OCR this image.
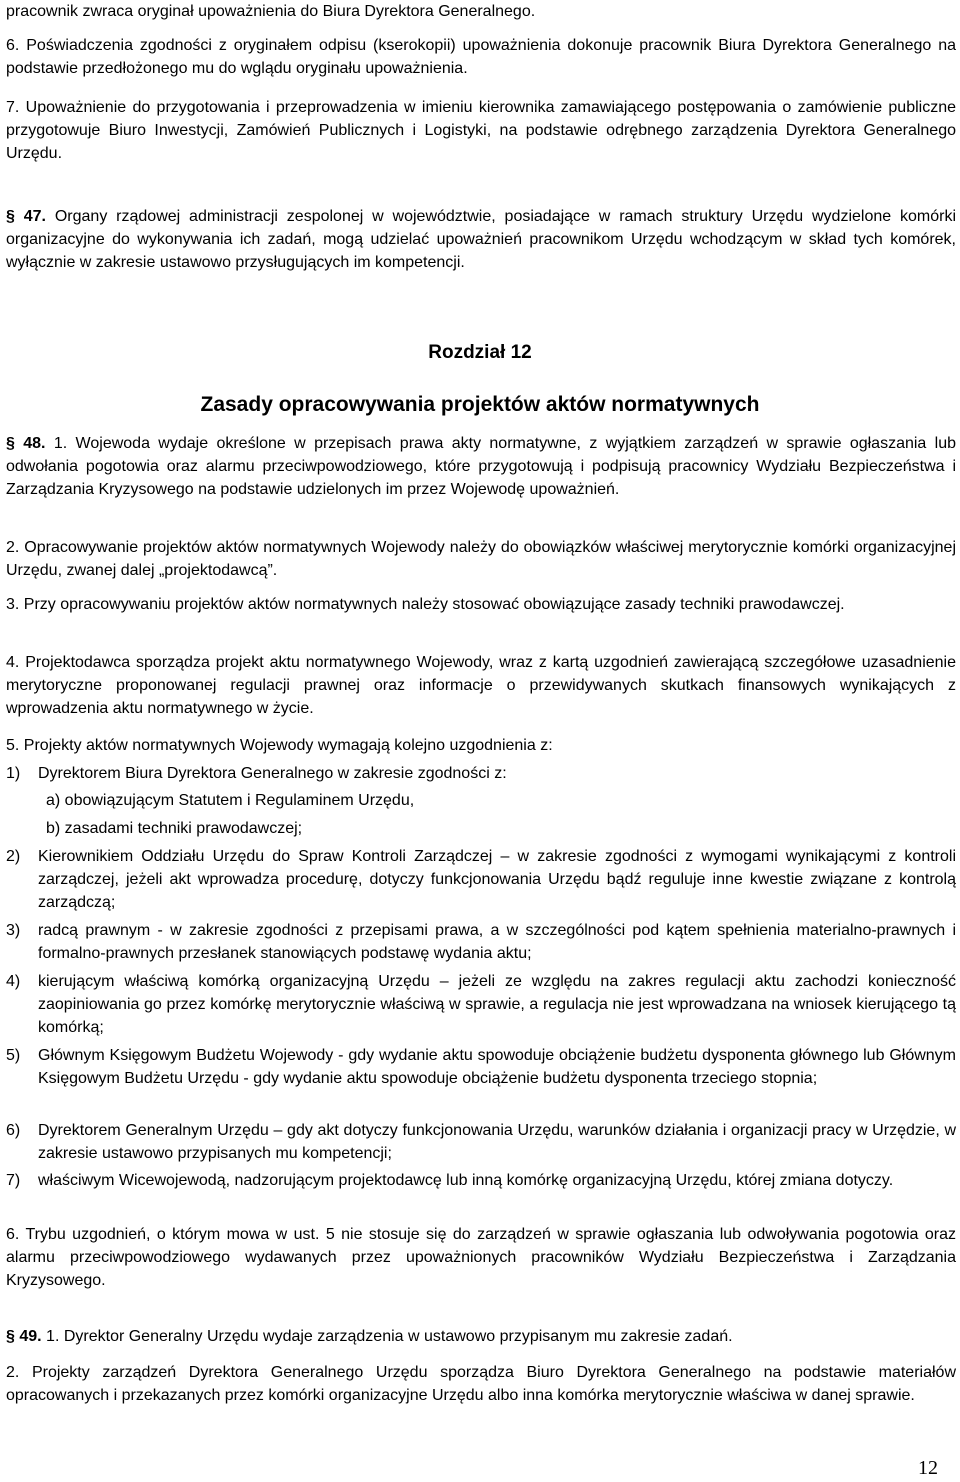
pracownik zwraca oryginał upoważnienia do Biura Dyrektora Generalnego.

6. Poświadczenia zgodności z oryginałem odpisu (kserokopii) upoważnienia dokonuje pracownik Biura Dyrektora Generalnego na podstawie przedłożonego mu do wglądu oryginału upoważnienia.

7. Upoważnienie do przygotowania i przeprowadzenia w imieniu kierownika zamawiającego postępowania o zamówienie publiczne przygotowuje Biuro Inwestycji, Zamówień Publicznych i Logistyki, na podstawie odrębnego zarządzenia Dyrektora Generalnego Urzędu.

§ 47. Organy rządowej administracji zespolonej w województwie, posiadające w ramach struktury Urzędu wydzielone komórki organizacyjne do wykonywania ich zadań, mogą udzielać upoważnień pracownikom Urzędu wchodzącym w skład tych komórek, wyłącznie w zakresie ustawowo przysługujących im kompetencji.

Rozdział 12

Zasady opracowywania projektów aktów normatywnych

§ 48. 1. Wojewoda wydaje określone w przepisach prawa akty normatywne, z wyjątkiem zarządzeń w sprawie ogłaszania lub odwołania pogotowia oraz alarmu przeciwpowodziowego, które przygotowują i podpisują pracownicy Wydziału Bezpieczeństwa i Zarządzania Kryzysowego na podstawie udzielonych im przez Wojewodę upoważnień.

2. Opracowywanie projektów aktów normatywnych Wojewody należy do obowiązków właściwej merytorycznie komórki organizacyjnej Urzędu, zwanej dalej „projektodawcą”.

3. Przy opracowywaniu projektów aktów normatywnych należy stosować obowiązujące zasady techniki prawodawczej.

4. Projektodawca sporządza projekt aktu normatywnego Wojewody, wraz z kartą uzgodnień zawierającą szczegółowe uzasadnienie merytoryczne proponowanej regulacji prawnej oraz informacje o przewidywanych skutkach finansowych wynikających z wprowadzenia aktu normatywnego w życie.

5. Projekty aktów normatywnych Wojewody wymagają kolejno uzgodnienia z:

1)	Dyrektorem Biura Dyrektora Generalnego w zakresie zgodności z:

a) obowiązującym Statutem i Regulaminem Urzędu,

b) zasadami techniki prawodawczej;

2)	Kierownikiem Oddziału Urzędu do Spraw Kontroli Zarządczej – w zakresie zgodności z wymogami wynikającymi z kontroli zarządczej, jeżeli akt wprowadza procedurę, dotyczy funkcjonowania Urzędu bądź reguluje inne kwestie związane z kontrolą zarządczą;
3)	radcą prawnym - w zakresie zgodności z przepisami prawa, a w szczególności pod kątem spełnienia materialno-prawnych i formalno-prawnych przesłanek stanowiących podstawę wydania aktu;
4)	kierującym właściwą komórką organizacyjną Urzędu – jeżeli ze względu na zakres regulacji aktu zachodzi konieczność zaopiniowania go przez komórkę merytorycznie właściwą w sprawie, a regulacja nie jest wprowadzana na wniosek kierującego tą komórką;
5)	Głównym Księgowym Budżetu Wojewody - gdy wydanie aktu spowoduje obciążenie budżetu dysponenta głównego lub Głównym Księgowym Budżetu Urzędu - gdy wydanie aktu spowoduje obciążenie budżetu dysponenta trzeciego stopnia;
6)	Dyrektorem Generalnym Urzędu – gdy akt dotyczy funkcjonowania Urzędu, warunków działania i organizacji pracy w Urzędzie, w zakresie ustawowo przypisanych mu kompetencji;
7)	właściwym Wicewojewodą, nadzorującym projektodawcę lub inną komórkę organizacyjną Urzędu, której zmiana dotyczy.

6. Trybu uzgodnień, o którym mowa w ust. 5 nie stosuje się do zarządzeń w sprawie ogłaszania lub odwoływania pogotowia oraz alarmu przeciwpowodziowego wydawanych przez upoważnionych pracowników Wydziału Bezpieczeństwa i Zarządzania Kryzysowego.

§ 49. 1. Dyrektor Generalny Urzędu wydaje zarządzenia w ustawowo przypisanym mu zakresie zadań.

2. Projekty zarządzeń Dyrektora Generalnego Urzędu sporządza Biuro Dyrektora Generalnego na podstawie materiałów opracowanych i przekazanych przez komórki organizacyjne Urzędu albo inna komórka merytorycznie właściwa w danej sprawie.

12
